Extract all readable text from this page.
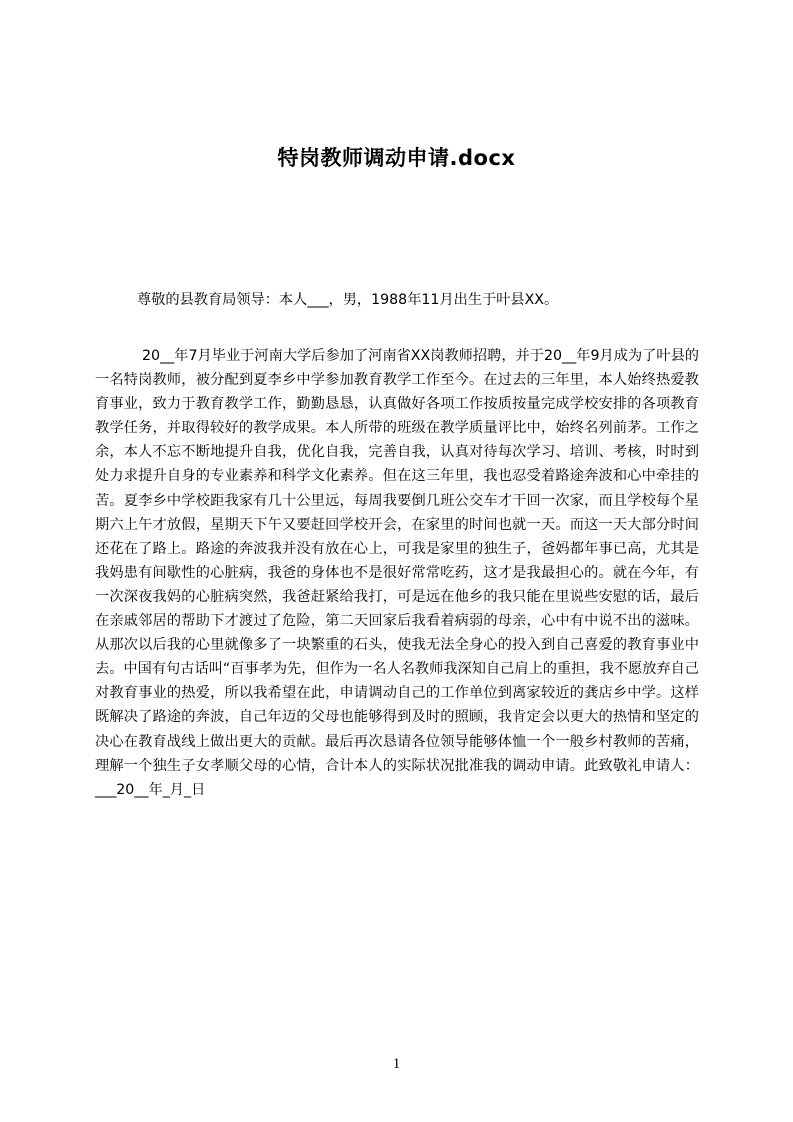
特岗教师调动申请.docx

尊敬的县教育局领导：本人___，男，1988年11月出生于叶县XX。

20__年7月毕业于河南大学后参加了河南省XX岗教师招聘，并于20__年9月成为了叶县的一名特岗教师，被分配到夏李乡中学参加教育教学工作至今。在过去的三年里，本人始终热爱教育事业，致力于教育教学工作，勤勤恳恳，认真做好各项工作按质按量完成学校安排的各项教育教学任务，并取得较好的教学成果。本人所带的班级在教学质量评比中，始终名列前茅。工作之余，本人不忘不断地提升自我，优化自我，完善自我，认真对待每次学习、培训、考核，时时到处力求提升自身的专业素养和科学文化素养。但在这三年里，我也忍受着路途奔波和心中牵挂的苦。夏李乡中学校距我家有几十公里远，每周我要倒几班公交车才干回一次家，而且学校每个星期六上午才放假，星期天下午又要赶回学校开会，在家里的时间也就一天。而这一天大部分时间还花在了路上。路途的奔波我并没有放在心上，可我是家里的独生子，爸妈都年事已高，尤其是我妈患有间歇性的心脏病，我爸的身体也不是很好常常吃药，这才是我最担心的。就在今年，有一次深夜我妈的心脏病突然，我爸赶紧给我打，可是远在他乡的我只能在里说些安慰的话，最后在亲戚邻居的帮助下才渡过了危险，第二天回家后我看着病弱的母亲，心中有中说不出的滋味。从那次以后我的心里就像多了一块繁重的石头，使我无法全身心的投入到自己喜爱的教育事业中去。中国有句古话叫“百事孝为先，但作为一名人名教师我深知自己肩上的重担，我不愿放弃自己对教育事业的热爱，所以我希望在此，申请调动自己的工作单位到离家较近的龚店乡中学。这样既解决了路途的奔波，自己年迈的父母也能够得到及时的照顾，我肯定会以更大的热情和坚定的决心在教育战线上做出更大的贡献。最后再次恳请各位领导能够体恤一个一般乡村教师的苦痛，理解一个独生子女孝顺父母的心情，合计本人的实际状况批准我的调动申请。此致敬礼申请人：___20__年_月_日

1
